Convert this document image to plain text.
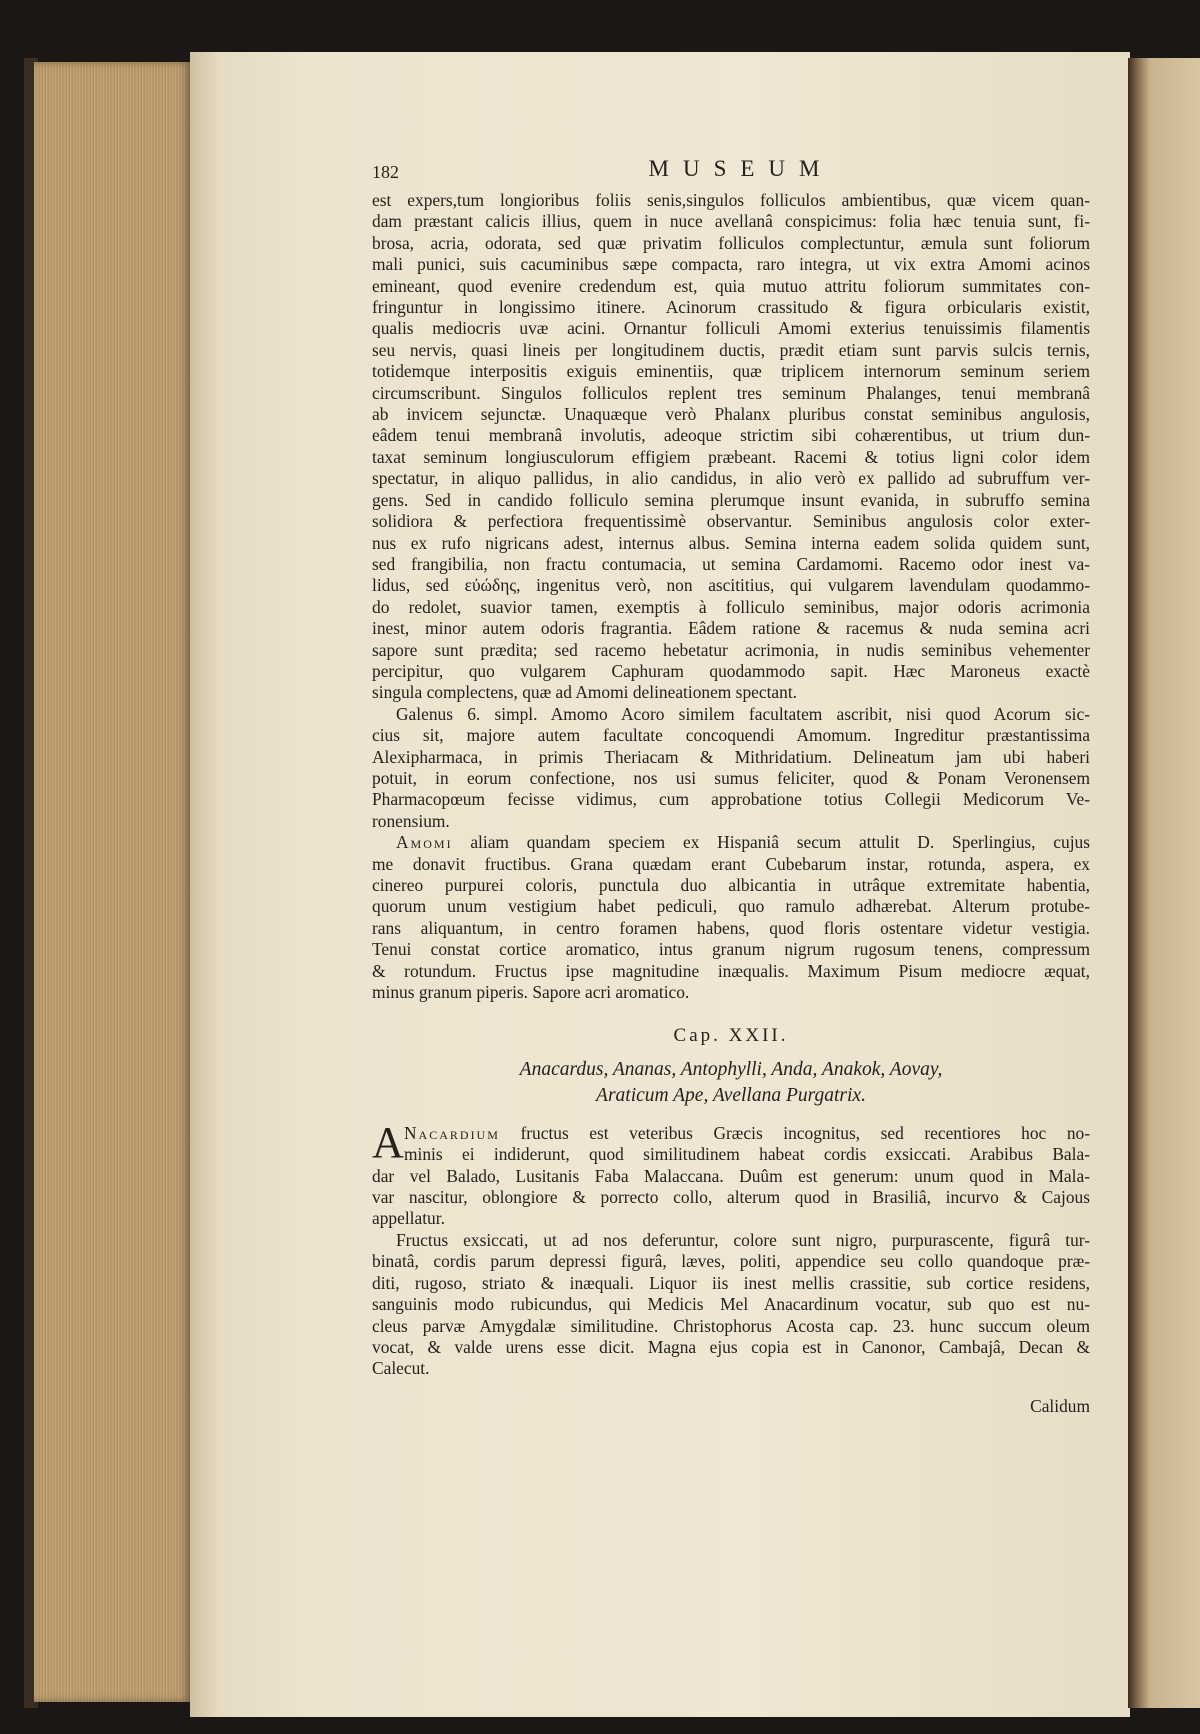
182	MUSEUM
est expers,tum longioribus foliis senis,singulos folliculos ambientibus, quæ vicem quan-
dam præstant calicis illius, quem in nuce avellanâ conspicimus: folia hæc tenuia sunt, fi-
brosa, acria, odorata, sed quæ privatim folliculos complectuntur, æmula sunt foliorum
mali punici, suis cacuminibus sæpe compacta, raro integra, ut vix extra Amomi acinos
emineant, quod evenire credendum est, quia mutuo attritu foliorum summitates con-
fringuntur in longissimo itinere. Acinorum crassitudo & figura orbicularis existit,
qualis mediocris uvæ acini. Ornantur folliculi Amomi exterius tenuissimis filamentis
seu nervis, quasi lineis per longitudinem ductis, prædit etiam sunt parvis sulcis ternis,
totidemque interpositis exiguis eminentiis, quæ triplicem internorum seminum seriem
circumscribunt. Singulos folliculos replent tres seminum Phalanges, tenui membranâ
ab invicem sejunctæ. Unaquæque verò Phalanx pluribus constat seminibus angulosis,
eâdem tenui membranâ involutis, adeoque strictim sibi cohærentibus, ut trium dun-
taxat seminum longiusculorum effigiem præbeant. Racemi & totius ligni color idem
spectatur, in aliquo pallidus, in alio candidus, in alio verò ex pallido ad subruffum ver-
gens. Sed in candido folliculo semina plerumque insunt evanida, in subruffo semina
solidiora & perfectiora frequentissimè observantur. Seminibus angulosis color exter-
nus ex rufo nigricans adest, internus albus. Semina interna eadem solida quidem sunt,
sed frangibilia, non fractu contumacia, ut semina Cardamomi. Racemo odor inest va-
lidus, sed εὐώδης, ingenitus verò, non ascititius, qui vulgarem lavendulam quodammo-
do redolet, suavior tamen, exemptis à folliculo seminibus, major odoris acrimonia
inest, minor autem odoris fragrantia. Eâdem ratione & racemus & nuda semina acri
sapore sunt prædita; sed racemo hebetatur acrimonia, in nudis seminibus vehementer
percipitur, quo vulgarem Caphuram quodammodo sapit. Hæc Maroneus exactè
singula complectens, quæ ad Amomi delineationem spectant.
Galenus 6. simpl. Amomo Acoro similem facultatem ascribit, nisi quod Acorum sic-
cius sit, majore autem facultate concoquendi Amomum. Ingreditur præstantissima
Alexipharmaca, in primis Theriacam & Mithridatium. Delineatum jam ubi haberi
potuit, in eorum confectione, nos usi sumus feliciter, quod & Ponam Veronensem
Pharmacopœum fecisse vidimus, cum approbatione totius Collegii Medicorum Ve-
ronensium.
Amomi aliam quandam speciem ex Hispaniâ secum attulit D. Sperlingius, cujus
me donavit fructibus. Grana quædam erant Cubebarum instar, rotunda, aspera, ex
cinereo purpurei coloris, punctula duo albicantia in utrâque extremitate habentia,
quorum unum vestigium habet pediculi, quo ramulo adhærebat. Alterum protube-
rans aliquantum, in centro foramen habens, quod floris ostentare videtur vestigia.
Tenui constat cortice aromatico, intus granum nigrum rugosum tenens, compressum
& rotundum. Fructus ipse magnitudine inæqualis. Maximum Pisum mediocre æquat,
minus granum piperis. Sapore acri aromatico.
Cap. XXII.
Anacardus, Ananas, Antophylli, Anda, Anakok, Aovay,
Araticum Ape, Avellana Purgatrix.
A Nacardium fructus est veteribus Græcis incognitus, sed recentiores hoc no-
minis ei indiderunt, quod similitudinem habeat cordis exsiccati. Arabibus Bala-
dar vel Balado, Lusitanis Faba Malaccana. Duûm est generum: unum quod in Mala-
var nascitur, oblongiore & porrecto collo, alterum quod in Brasiliâ, incurvo & Cajous
appellatur.
Fructus exsiccati, ut ad nos deferuntur, colore sunt nigro, purpurascente, figurâ tur-
binatâ, cordis parum depressi figurâ, læves, politi, appendice seu collo quandoque præ-
diti, rugoso, striato & inæquali. Liquor iis inest mellis crassitie, sub cortice residens,
sanguinis modo rubicundus, qui Medicis Mel Anacardinum vocatur, sub quo est nu-
cleus parvæ Amygdalæ similitudine. Christophorus Acosta cap. 23. hunc succum oleum
vocat, & valde urens esse dicit. Magna ejus copia est in Canonor, Cambajâ, Decan &
Calecut.
Calidum
